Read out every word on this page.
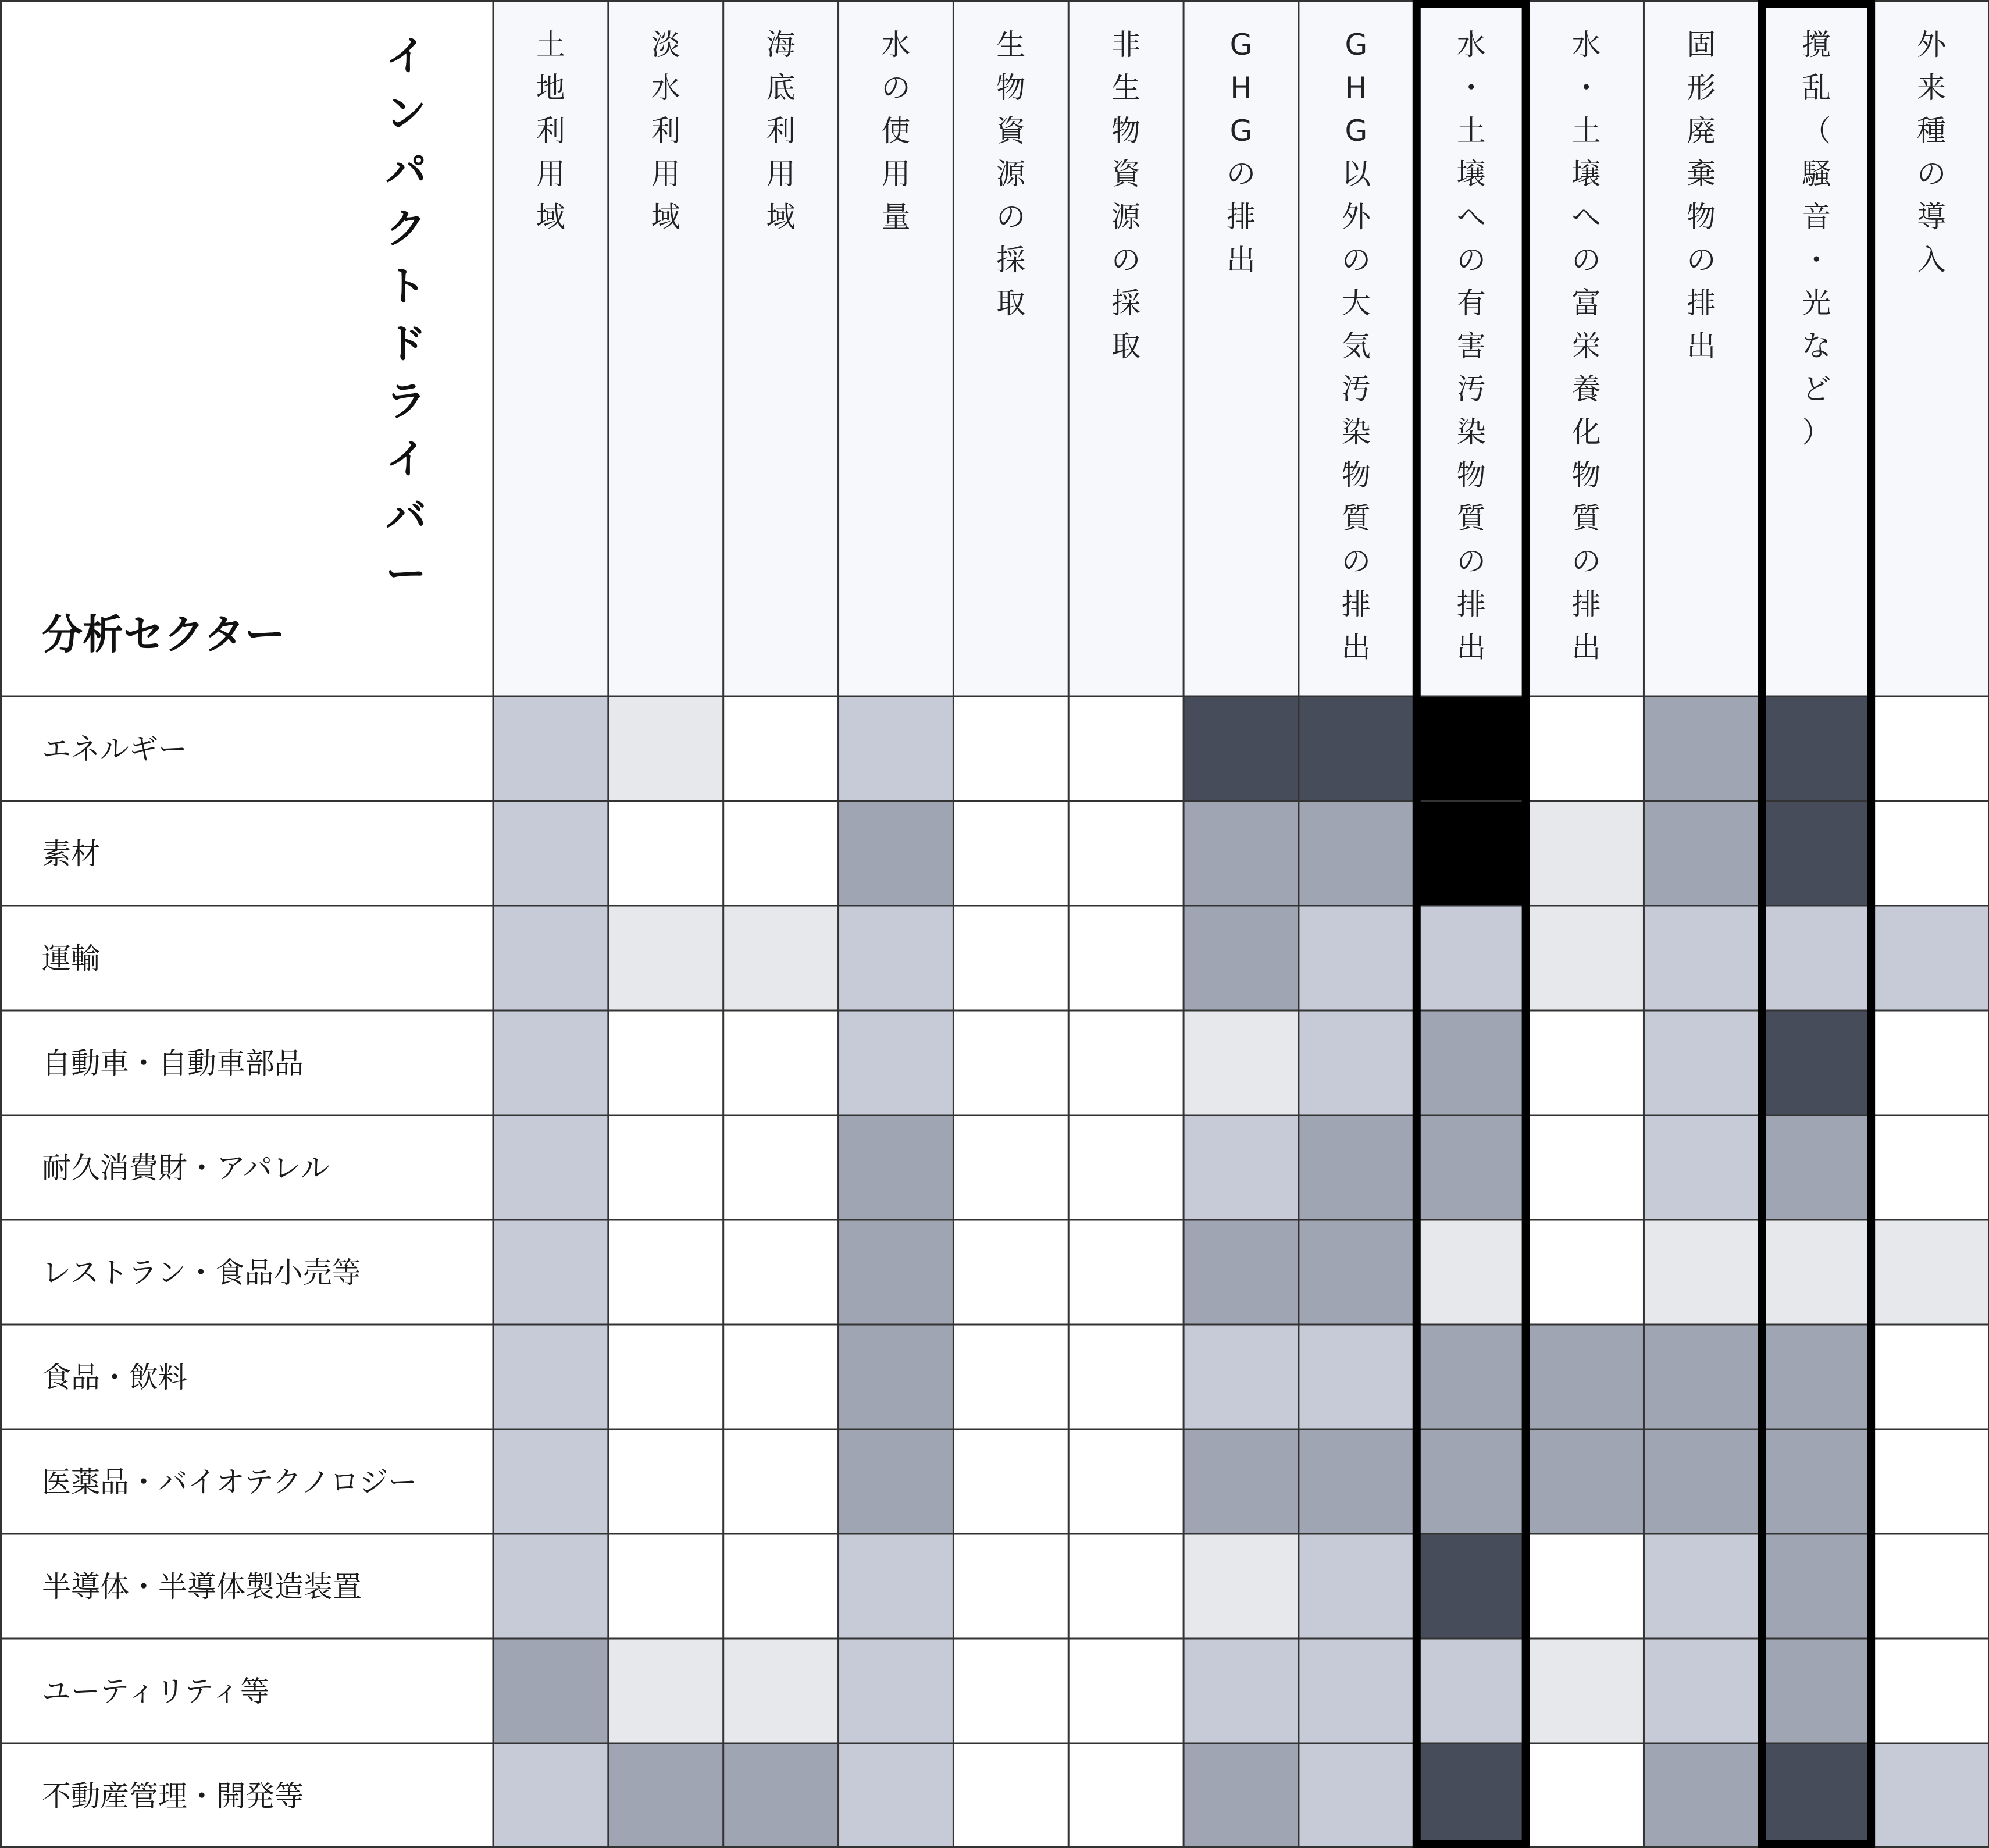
土地利用域
淡水利用域
海底利用域
水の使用量
生物資源の採取
非生物資源の採取
G H G の排出
G H G 以外の大気汚染物質の排出
水・土壌への有害汚染物質の排出
水・土壌への富栄養化物質の排出
固形廃棄物の排出
撹乱（騒音・光など）
外来種の導入
エネルギー
素材
運輸
自動車・自動車部品
耐久消費財・アパレル
レストラン・食品小売等
食品・飲料
医薬品・バイオテクノロジー
半導体・半導体製造装置
ユーティリティ等
不動産管理・開発等
インパクトドライバー
分析セクター
